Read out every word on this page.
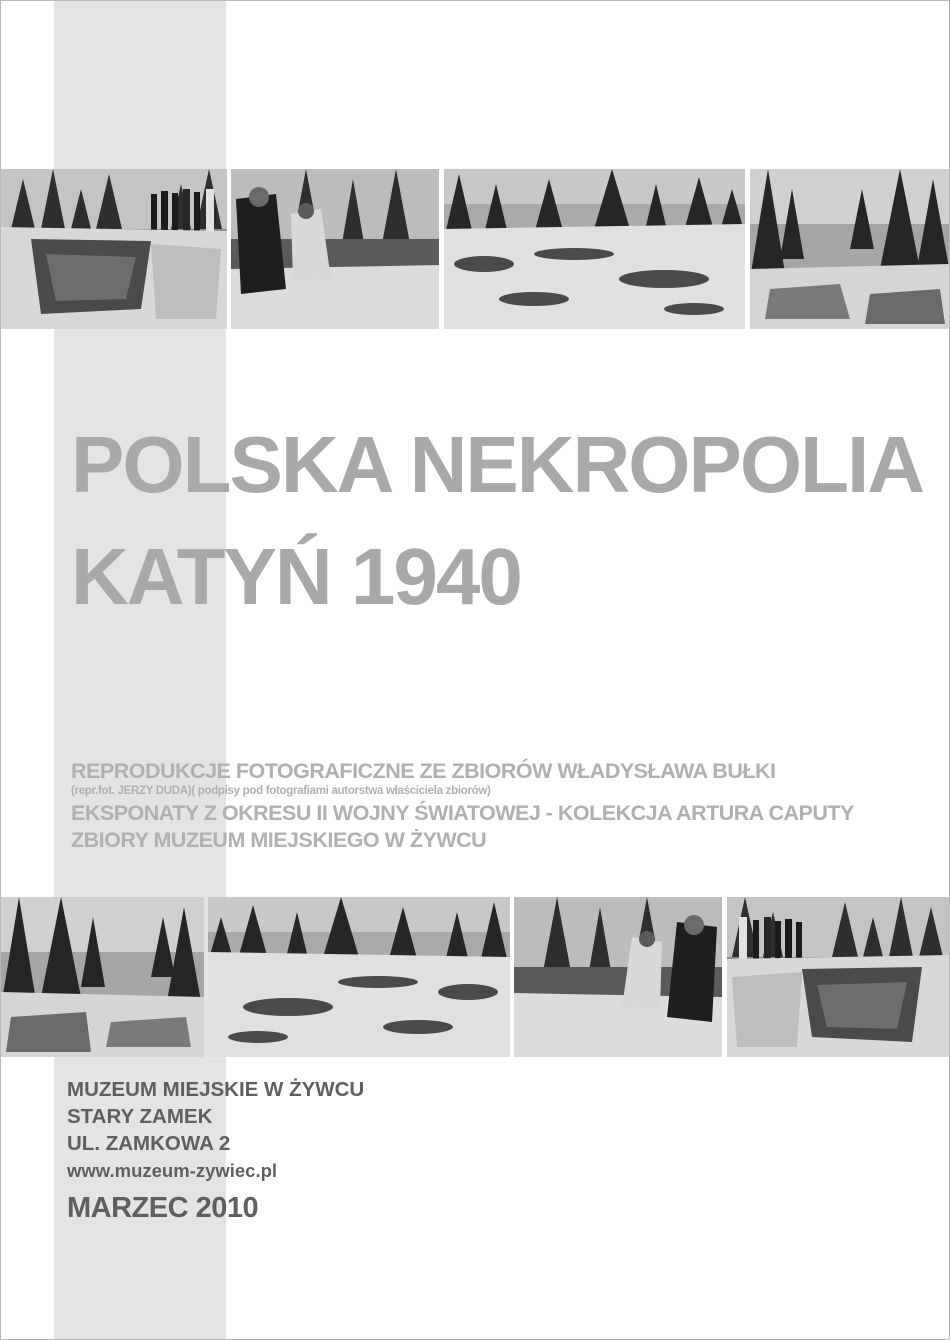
POLSKA NEKROPOLIA
KATYŃ 1940
REPRODUKCJE FOTOGRAFICZNE ZE ZBIORÓW WŁADYSŁAWA BUŁKI
(repr.fot. JERZY DUDA)( podpisy pod fotografiami autorstwa właściciela zbiorów)
EKSPONATY Z OKRESU II WOJNY ŚWIATOWEJ - KOLEKCJA ARTURA CAPUTY
ZBIORY MUZEUM MIEJSKIEGO W ŻYWCU
MUZEUM MIEJSKIE W ŻYWCU
STARY ZAMEK
UL. ZAMKOWA 2
www.muzeum-zywiec.pl
MARZEC 2010
